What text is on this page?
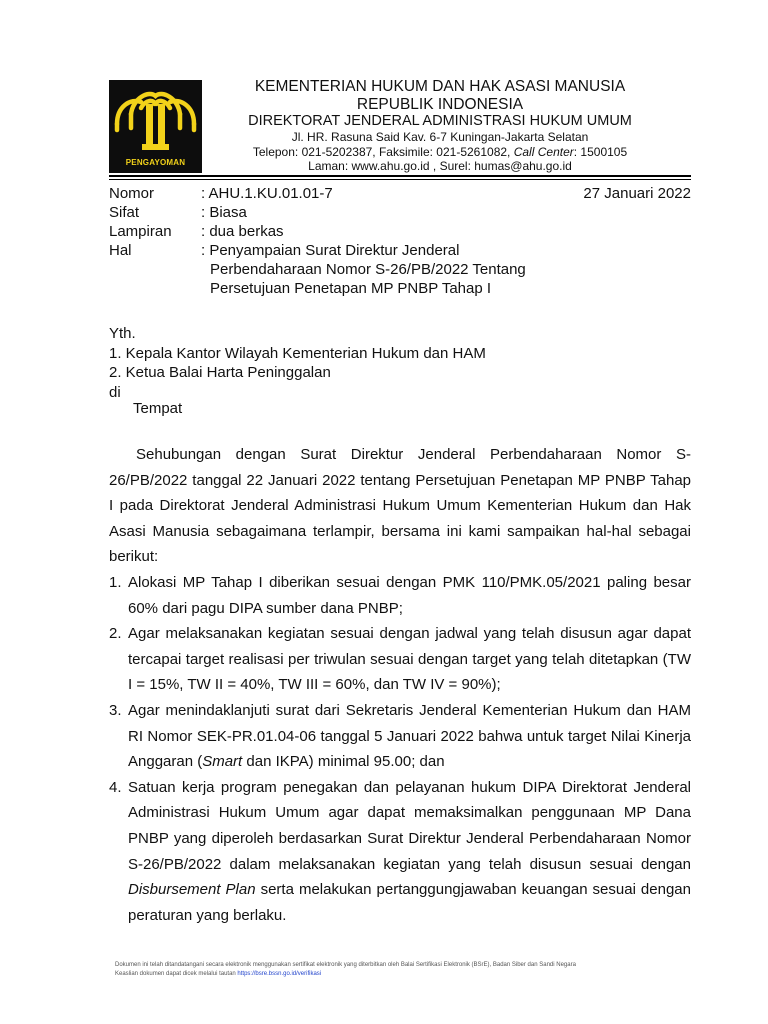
PENGAYOMAN
KEMENTERIAN HUKUM DAN HAK ASASI MANUSIA
REPUBLIK INDONESIA
DIREKTORAT JENDERAL ADMINISTRASI HUKUM UMUM
Jl. HR. Rasuna Said Kav. 6-7 Kuningan-Jakarta Selatan
Telepon: 021-5202387, Faksimile: 021-5261082, Call Center: 1500105
Laman: www.ahu.go.id , Surel: humas@ahu.go.id
Nomor	: AHU.1.KU.01.01-7	27 Januari 2022
Sifat	: Biasa
Lampiran : dua berkas
Hal	: Penyampaian Surat Direktur Jenderal
Perbendaharaan Nomor S-26/PB/2022 Tentang
Persetujuan Penetapan MP PNBP Tahap I
Yth.
1. Kepala Kantor Wilayah Kementerian Hukum dan HAM
2. Ketua Balai Harta Peninggalan
di
Tempat

Sehubungan dengan Surat Direktur Jenderal Perbendaharaan Nomor S-26/PB/2022 tanggal 22 Januari 2022 tentang Persetujuan Penetapan MP PNBP Tahap I pada Direktorat Jenderal Administrasi Hukum Umum Kementerian Hukum dan Hak Asasi Manusia sebagaimana terlampir, bersama ini kami sampaikan hal-hal sebagai berikut:

1. Alokasi MP Tahap I diberikan sesuai dengan PMK 110/PMK.05/2021 paling besar 60% dari pagu DIPA sumber dana PNBP;
2. Agar melaksanakan kegiatan sesuai dengan jadwal yang telah disusun agar dapat tercapai target realisasi per triwulan sesuai dengan target yang telah ditetapkan (TW I = 15%, TW II = 40%, TW III = 60%, dan TW IV = 90%);
3. Agar menindaklanjuti surat dari Sekretaris Jenderal Kementerian Hukum dan HAM RI Nomor SEK-PR.01.04-06 tanggal 5 Januari 2022 bahwa untuk target Nilai Kinerja Anggaran (Smart dan IKPA) minimal 95.00; dan
4. Satuan kerja program penegakan dan pelayanan hukum DIPA Direktorat Jenderal Administrasi Hukum Umum agar dapat memaksimalkan penggunaan MP Dana PNBP yang diperoleh berdasarkan Surat Direktur Jenderal Perbendaharaan Nomor S-26/PB/2022 dalam melaksanakan kegiatan yang telah disusun sesuai dengan Disbursement Plan serta melakukan pertanggungjawaban keuangan sesuai dengan peraturan yang berlaku.
Dokumen ini telah ditandatangani secara elektronik menggunakan sertifikat elektronik yang diterbitkan oleh Balai Sertifikasi Elektronik (BSrE), Badan Siber dan Sandi Negara
Keaslian dokumen dapat dicek melalui tautan https://bsre.bssn.go.id/verifikasi
